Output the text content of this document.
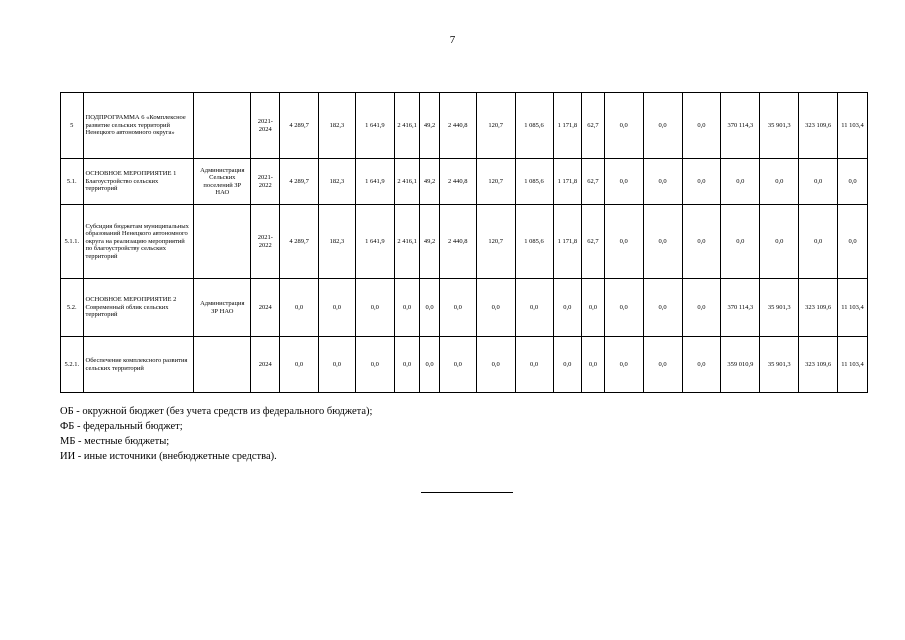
7
5	ПОДПРОГРАММА 6 «Комплексное развитие сельских территорий Ненецкого автономного округа»		2021-2024	4 289,7	182,3	1 641,9	2 416,1	49,2	2 440,8	120,7	1 085,6	1 171,8	62,7	0,0	0,0	0,0	370 114,3	35 901,3	323 109,6	11 103,4
5.1.	ОСНОВНОЕ МЕРОПРИЯТИЕ 1 Благоустройство сельских территорий	Администрация Сельских поселений ЗР НАО	2021-2022	4 289,7	182,3	1 641,9	2 416,1	49,2	2 440,8	120,7	1 085,6	1 171,8	62,7	0,0	0,0	0,0	0,0	0,0	0,0	0,0
5.1.1.	Субсидия бюджетам муниципальных образований Ненецкого автономного округа на реализацию мероприятий по благоустройству сельских территорий		2021-2022	4 289,7	182,3	1 641,9	2 416,1	49,2	2 440,8	120,7	1 085,6	1 171,8	62,7	0,0	0,0	0,0	0,0	0,0	0,0	0,0
5.2.	ОСНОВНОЕ МЕРОПРИЯТИЕ 2 Современный облик сельских территорий	Администрация ЗР НАО	2024	0,0	0,0	0,0	0,0	0,0	0,0	0,0	0,0	0,0	0,0	0,0	0,0	0,0	370 114,3	35 901,3	323 109,6	11 103,4
5.2.1.	Обеспечение комплексного развития сельских территорий		2024	0,0	0,0	0,0	0,0	0,0	0,0	0,0	0,0	0,0	0,0	0,0	0,0	0,0	359 010,9	35 901,3	323 109,6	11 103,4
ОБ - окружной бюджет (без учета средств из федерального бюджета);
ФБ - федеральный бюджет;
МБ - местные бюджеты;
ИИ - иные источники (внебюджетные средства).
